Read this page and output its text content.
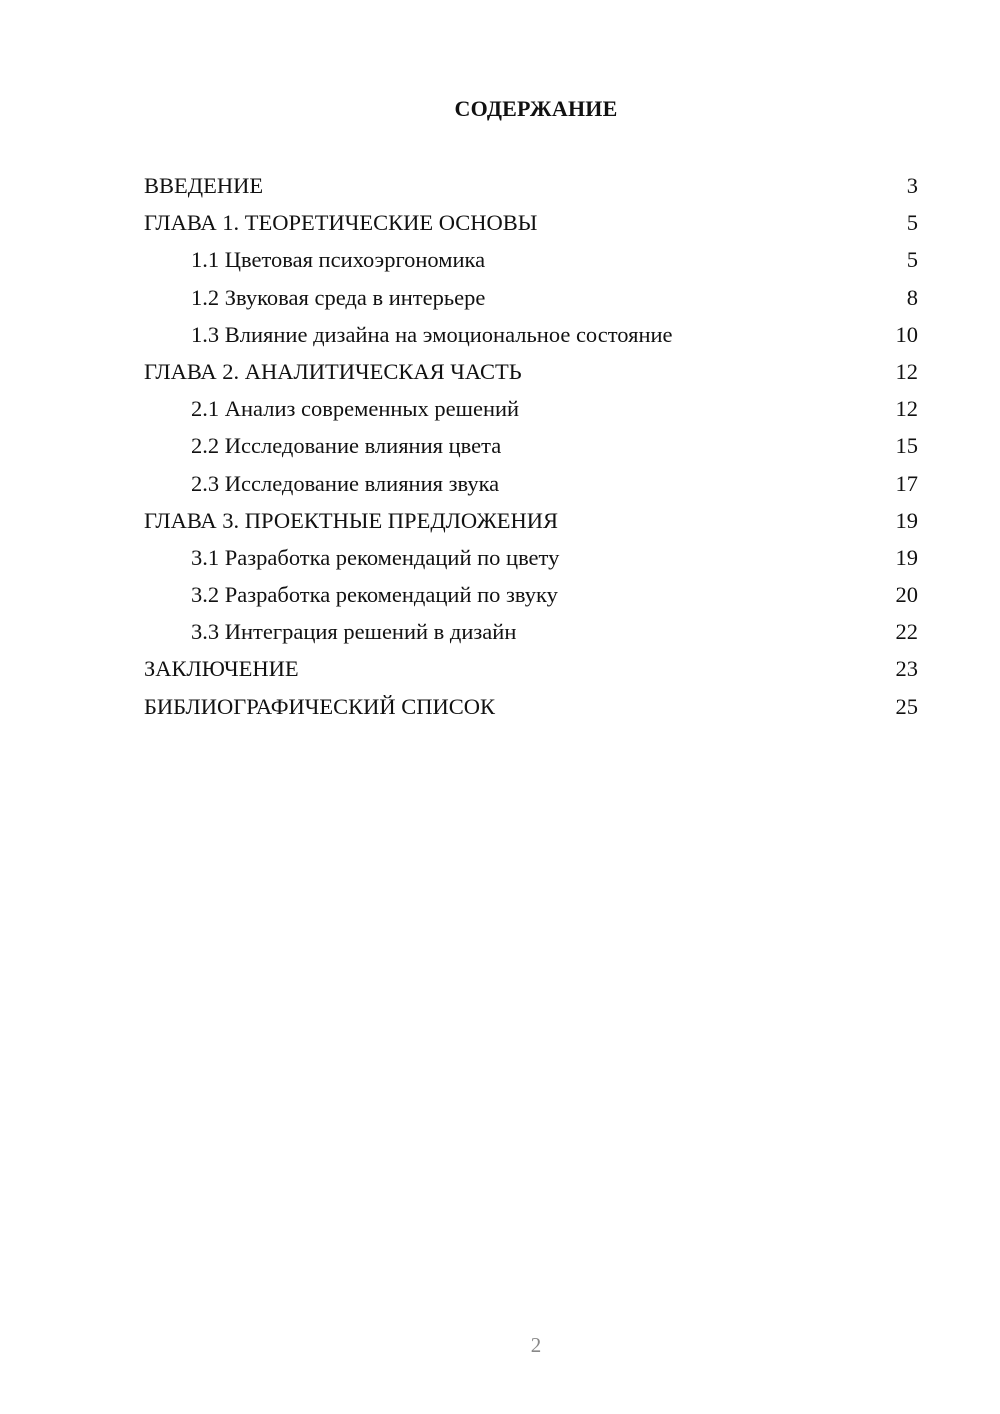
СОДЕРЖАНИЕ
ВВЕДЕНИЕ	3
ГЛАВА 1. ТЕОРЕТИЧЕСКИЕ ОСНОВЫ	5
1.1 Цветовая психоэргономика	5
1.2 Звуковая среда в интерьере	8
1.3 Влияние дизайна на эмоциональное состояние	10
ГЛАВА 2. АНАЛИТИЧЕСКАЯ ЧАСТЬ	12
2.1 Анализ современных решений	12
2.2 Исследование влияния цвета	15
2.3 Исследование влияния звука	17
ГЛАВА 3. ПРОЕКТНЫЕ ПРЕДЛОЖЕНИЯ	19
3.1 Разработка рекомендаций по цвету	19
3.2 Разработка рекомендаций по звуку	20
3.3 Интеграция решений в дизайн	22
ЗАКЛЮЧЕНИЕ	23
БИБЛИОГРАФИЧЕСКИЙ СПИСОК	25
2
